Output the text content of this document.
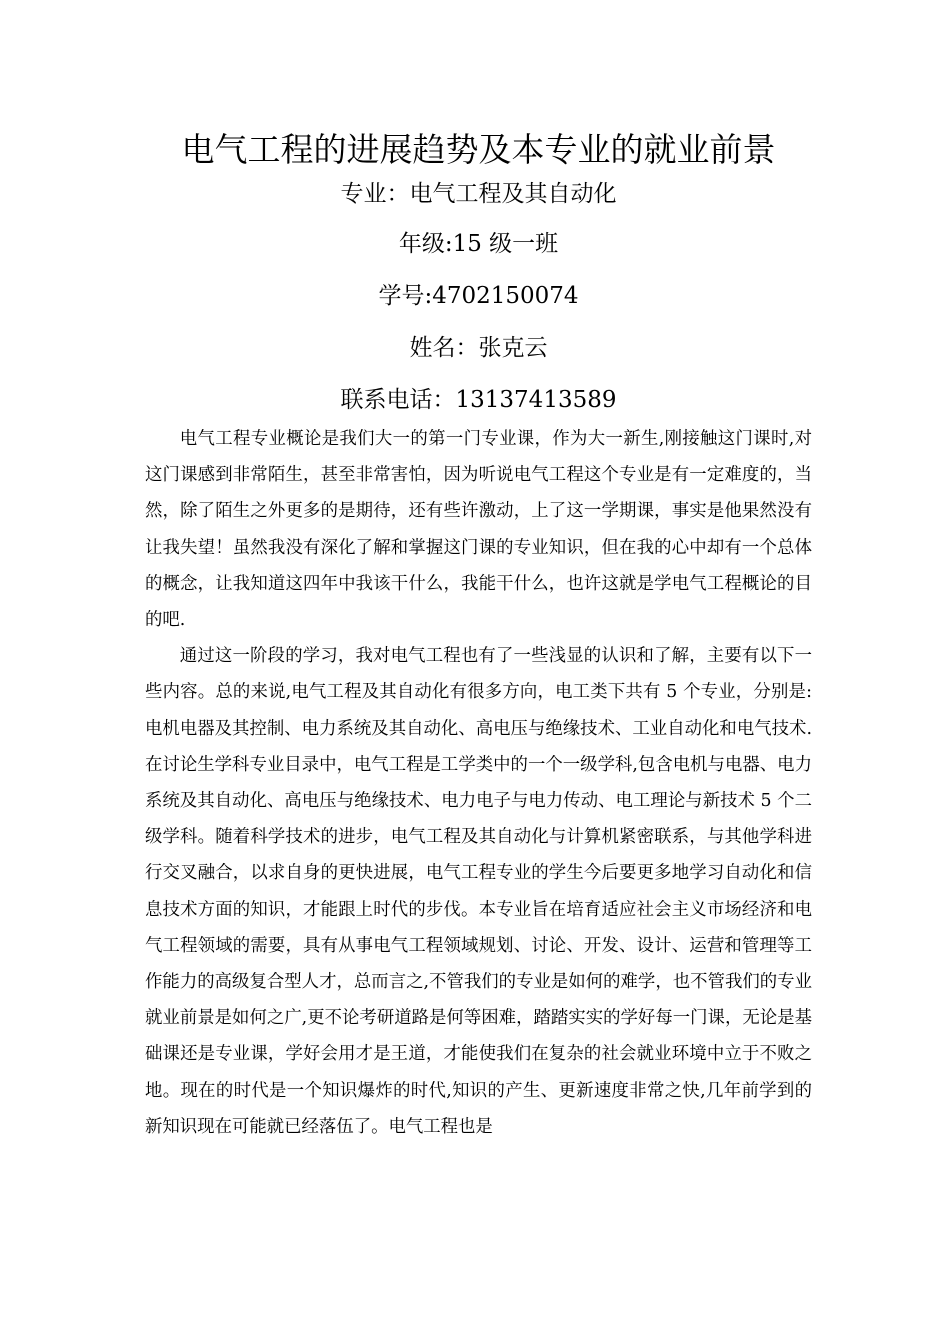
电气工程的进展趋势及本专业的就业前景
专业：电气工程及其自动化
年级:15 级一班
学号:4702150074
姓名：张克云
联系电话：13137413589

电气工程专业概论是我们大一的第一门专业课，作为大一新生,刚接触这门课时,对这门课感到非常陌生，甚至非常害怕，因为听说电气工程这个专业是有一定难度的，当然，除了陌生之外更多的是期待，还有些许激动，上了这一学期课，事实是他果然没有让我失望！虽然我没有深化了解和掌握这门课的专业知识，但在我的心中却有一个总体的概念，让我知道这四年中我该干什么，我能干什么，也许这就是学电气工程概论的目的吧.

通过这一阶段的学习，我对电气工程也有了一些浅显的认识和了解，主要有以下一些内容。总的来说,电气工程及其自动化有很多方向，电工类下共有 5 个专业，分别是:电机电器及其控制、电力系统及其自动化、高电压与绝缘技术、工业自动化和电气技术.在讨论生学科专业目录中，电气工程是工学类中的一个一级学科,包含电机与电器、电力系统及其自动化、高电压与绝缘技术、电力电子与电力传动、电工理论与新技术 5 个二级学科。随着科学技术的进步，电气工程及其自动化与计算机紧密联系，与其他学科进行交叉融合，以求自身的更快进展，电气工程专业的学生今后要更多地学习自动化和信息技术方面的知识，才能跟上时代的步伐。本专业旨在培育适应社会主义市场经济和电气工程领域的需要，具有从事电气工程领域规划、讨论、开发、设计、运营和管理等工作能力的高级复合型人才，总而言之,不管我们的专业是如何的难学，也不管我们的专业就业前景是如何之广,更不论考研道路是何等困难，踏踏实实的学好每一门课，无论是基础课还是专业课，学好会用才是王道，才能使我们在复杂的社会就业环境中立于不败之地。现在的时代是一个知识爆炸的时代,知识的产生、更新速度非常之快,几年前学到的新知识现在可能就已经落伍了。电气工程也是
